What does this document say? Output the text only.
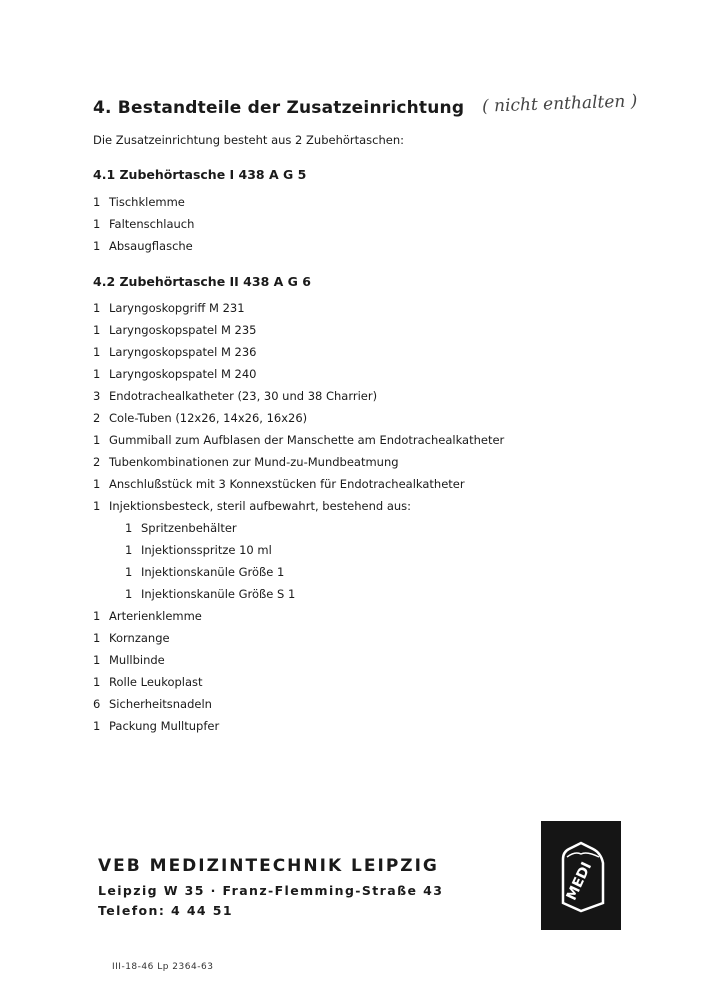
4. Bestandteile der Zusatzeinrichtung ( nicht enthalten )
Die Zusatzeinrichtung besteht aus 2 Zubehörtaschen:
4.1 Zubehörtasche I 438 A G 5
1 Tischklemme
1 Faltenschlauch
1 Absaugflasche
4.2 Zubehörtasche II 438 A G 6
1 Laryngoskopgriff M 231
1 Laryngoskopspatel M 235
1 Laryngoskopspatel M 236
1 Laryngoskopspatel M 240
3 Endotrachealkatheter (23, 30 und 38 Charrier)
2 Cole-Tuben (12x26, 14x26, 16x26)
1 Gummiball zum Aufblasen der Manschette am Endotrachealkatheter
2 Tubenkombinationen zur Mund-zu-Mundbeatmung
1 Anschlußstück mit 3 Konnexstücken für Endotrachealkatheter
1 Injektionsbesteck, steril aufbewahrt, bestehend aus:
1 Spritzenbehälter
1 Injektionsspritze 10 ml
1 Injektionskanüle Größe 1
1 Injektionskanüle Größe S 1
1 Arterienklemme
1 Kornzange
1 Mullbinde
1 Rolle Leukoplast
6 Sicherheitsnadeln
1 Packung Mulltupfer
VEB MEDIZINTECHNIK LEIPZIG
Leipzig W 35 · Franz-Flemming-Straße 43
Telefon: 4 44 51
III-18-46 Lp 2364-63
MEDI
